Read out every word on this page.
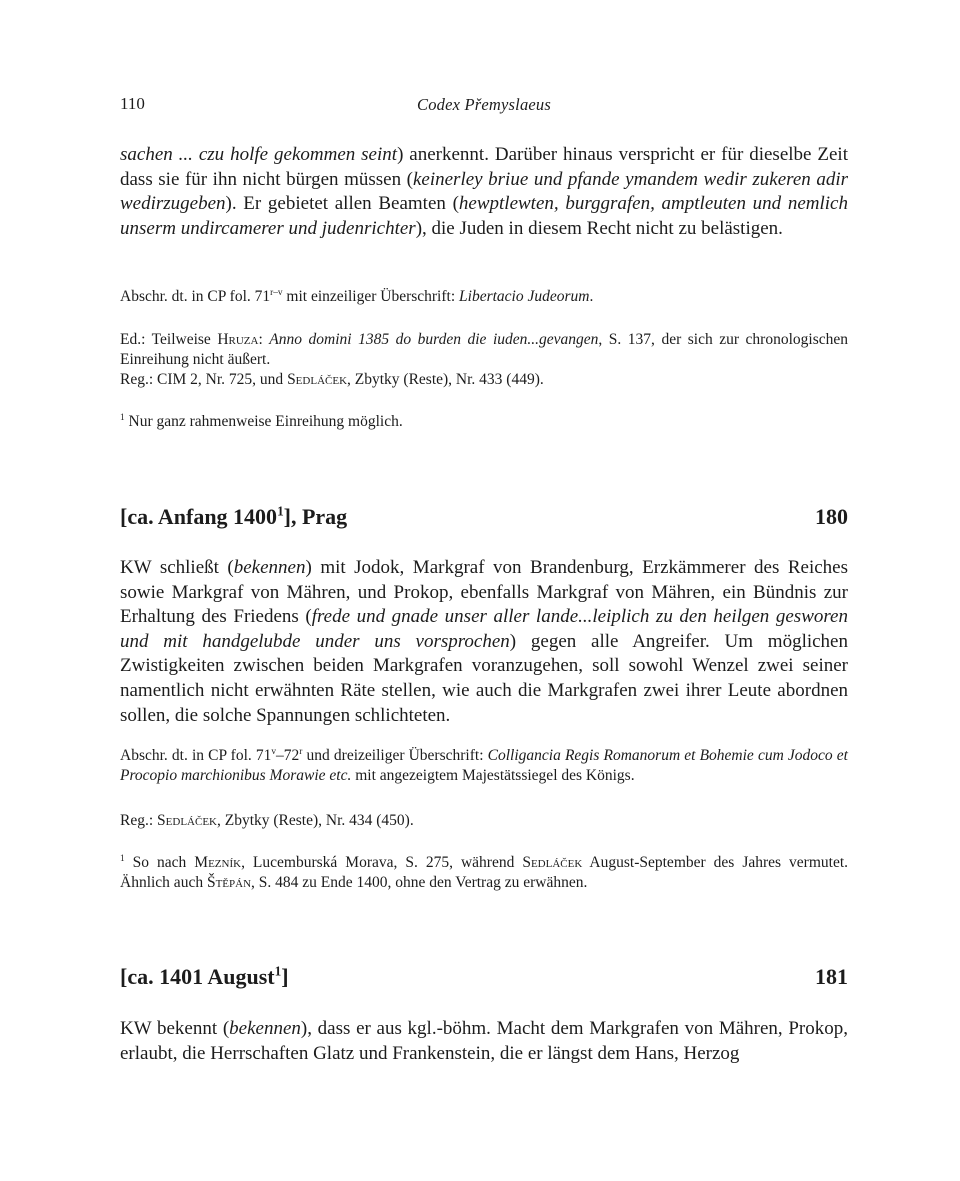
110	Codex Přemyslaeus

sachen ... czu holfe gekommen seint) anerkennt. Darüber hinaus verspricht er für dieselbe Zeit dass sie für ihn nicht bürgen müssen (keinerley briue und pfande ymandem wedir zukeren adir wedirzugeben). Er gebietet allen Beamten (hewptlewten, burggrafen, amptleuten und nemlich unserm undircamerer und judenrichter), die Juden in diesem Recht nicht zu belästigen.

Abschr. dt. in CP fol. 71$^{r-v}$ mit einzeiliger Überschrift: Libertacio Judeorum.

Ed.: Teilweise Hruza: Anno domini 1385 do burden die iuden...gevangen, S. 137, der sich zur chronologischen Einreihung nicht äußert.

Reg.: CIM 2, Nr. 725, und Sedláček, Zbytky (Reste), Nr. 433 (449).

$^1$ Nur ganz rahmenweise Einreihung möglich.

[ca. Anfang 1400$^1$], Prag	180

KW schließt (bekennen) mit Jodok, Markgraf von Brandenburg, Erzkämmerer des Reiches sowie Markgraf von Mähren, und Prokop, ebenfalls Markgraf von Mähren, ein Bündnis zur Erhaltung des Friedens (frede und gnade unser aller lande...leiplich zu den heilgen gesworen und mit handgelubde under uns vorsprochen) gegen alle Angreifer. Um möglichen Zwistigkeiten zwischen beiden Markgrafen voranzugehen, soll sowohl Wenzel zwei seiner namentlich nicht erwähnten Räte stellen, wie auch die Markgrafen zwei ihrer Leute abordnen sollen, die solche Spannungen schlichteten.

Abschr. dt. in CP fol. 71$^v$–72$^r$ und dreizeiliger Überschrift: Colligancia Regis Romanorum et Bohemie cum Jodoco et Procopio marchionibus Morawie etc. mit angezeigtem Majestätssiegel des Königs.

Reg.: Sedláček, Zbytky (Reste), Nr. 434 (450).

$^1$ So nach Mezník, Lucemburská Morava, S. 275, während Sedláček August-September des Jahres vermutet. Ähnlich auch Štěpán, S. 484 zu Ende 1400, ohne den Vertrag zu erwähnen.

[ca. 1401 August$^1$]	181

KW bekennt (bekennen), dass er aus kgl.-böhm. Macht dem Markgrafen von Mähren, Prokop, erlaubt, die Herrschaften Glatz und Frankenstein, die er längst dem Hans, Herzog
